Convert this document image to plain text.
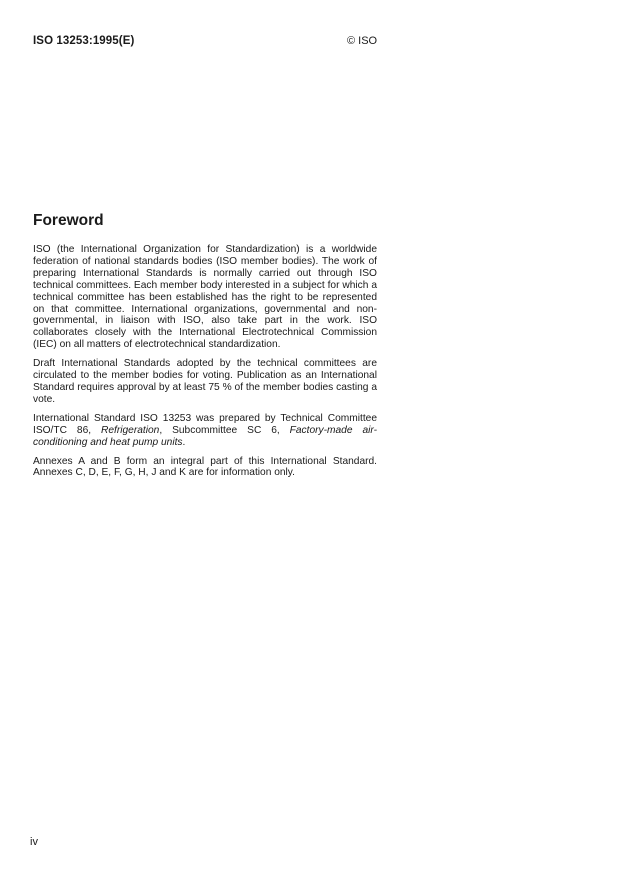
ISO 13253:1995(E)	© ISO
Foreword

ISO (the International Organization for Standardization) is a worldwide federation of national standards bodies (ISO member bodies). The work of preparing International Standards is normally carried out through ISO technical committees. Each member body interested in a subject for which a technical committee has been established has the right to be represented on that committee. International organizations, governmental and non-governmental, in liaison with ISO, also take part in the work. ISO collaborates closely with the International Electrotechnical Commission (IEC) on all matters of electrotechnical standardization.

Draft International Standards adopted by the technical committees are circulated to the member bodies for voting. Publication as an International Standard requires approval by at least 75 % of the member bodies casting a vote.

International Standard ISO 13253 was prepared by Technical Committee ISO/TC 86, Refrigeration, Subcommittee SC 6, Factory-made air-conditioning and heat pump units.

Annexes A and B form an integral part of this International Standard. Annexes C, D, E, F, G, H, J and K are for information only.

iv
